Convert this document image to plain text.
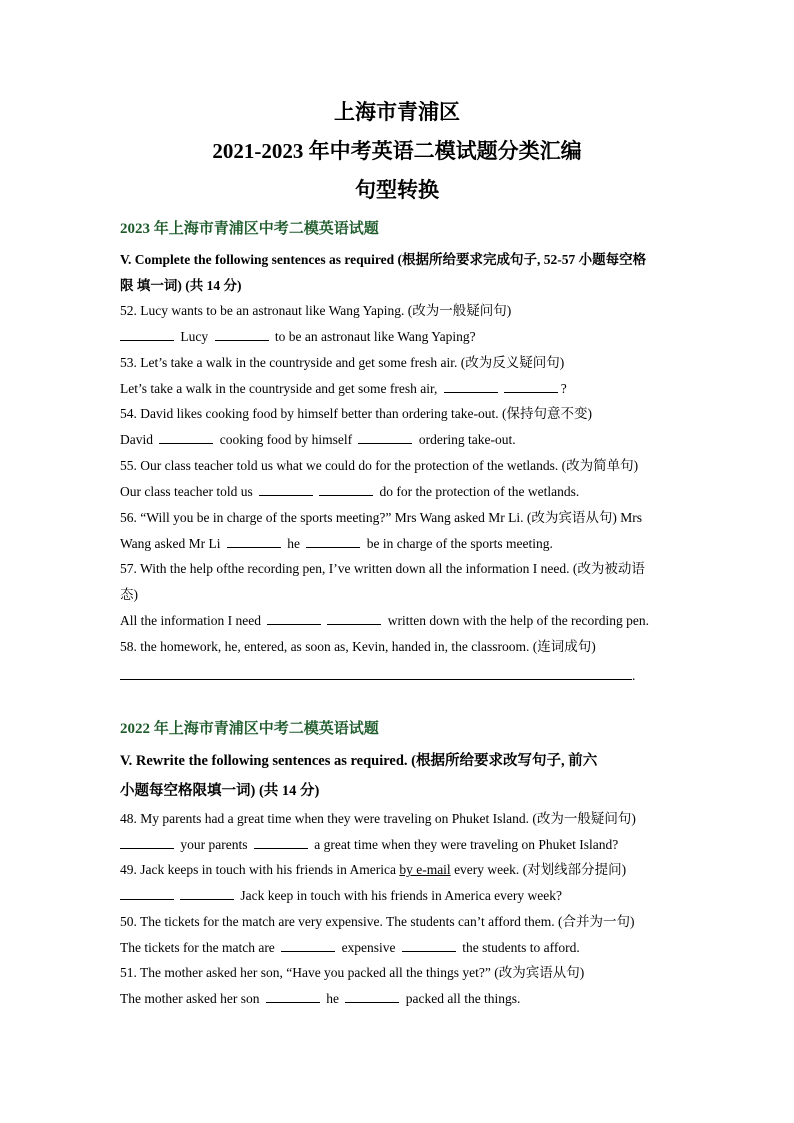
上海市青浦区
2021-2023 年中考英语二模试题分类汇编
句型转换
2023 年上海市青浦区中考二模英语试题
V. Complete the following sentences as required (根据所给要求完成句子, 52-57 小题每空格
限 填一词) (共 14 分)
52. Lucy wants to be an astronaut like Wang Yaping. (改为一般疑问句)
Lucy	to be an astronaut like Wang Yaping?
53. Let’s take a walk in the countryside and get some fresh air. (改为反义疑问句)
Let’s take a walk in the countryside and get some fresh air,	?
54. David likes cooking food by himself better than ordering take-out. (保持句意不变)
David	cooking food by himself	ordering take-out.
55. Our class teacher told us what we could do for the protection of the wetlands. (改为简单句)
Our class teacher told us	do for the protection of the wetlands.
56. “Will you be in charge of the sports meeting?” Mrs Wang asked Mr Li. (改为宾语从句) Mrs
Wang asked Mr Li	he	be in charge of the sports meeting.
57. With the help ofthe recording pen, I’ve written down all the information I need. (改为被动语
态)
All the information I need	written down with the help of the recording pen.
58. the homework, he, entered, as soon as, Kevin, handed in, the classroom. (连词成句)
.
2022 年上海市青浦区中考二模英语试题
V. Rewrite the following sentences as required. (根据所给要求改写句子, 前六
小题每空格限填一词) (共 14 分)
48. My parents had a great time when they were traveling on Phuket Island. (改为一般疑问句)
your parents	a great time when they were traveling on Phuket Island?
49. Jack keeps in touch with his friends in America by e-mail every week. (对划线部分提问)
Jack keep in touch with his friends in America every week?
50. The tickets for the match are very expensive. The students can’t afford them. (合并为一句)
The tickets for the match are	expensive	the students to afford.
51. The mother asked her son, “Have you packed all the things yet?” (改为宾语从句)
The mother asked her son	he	packed all the things.
